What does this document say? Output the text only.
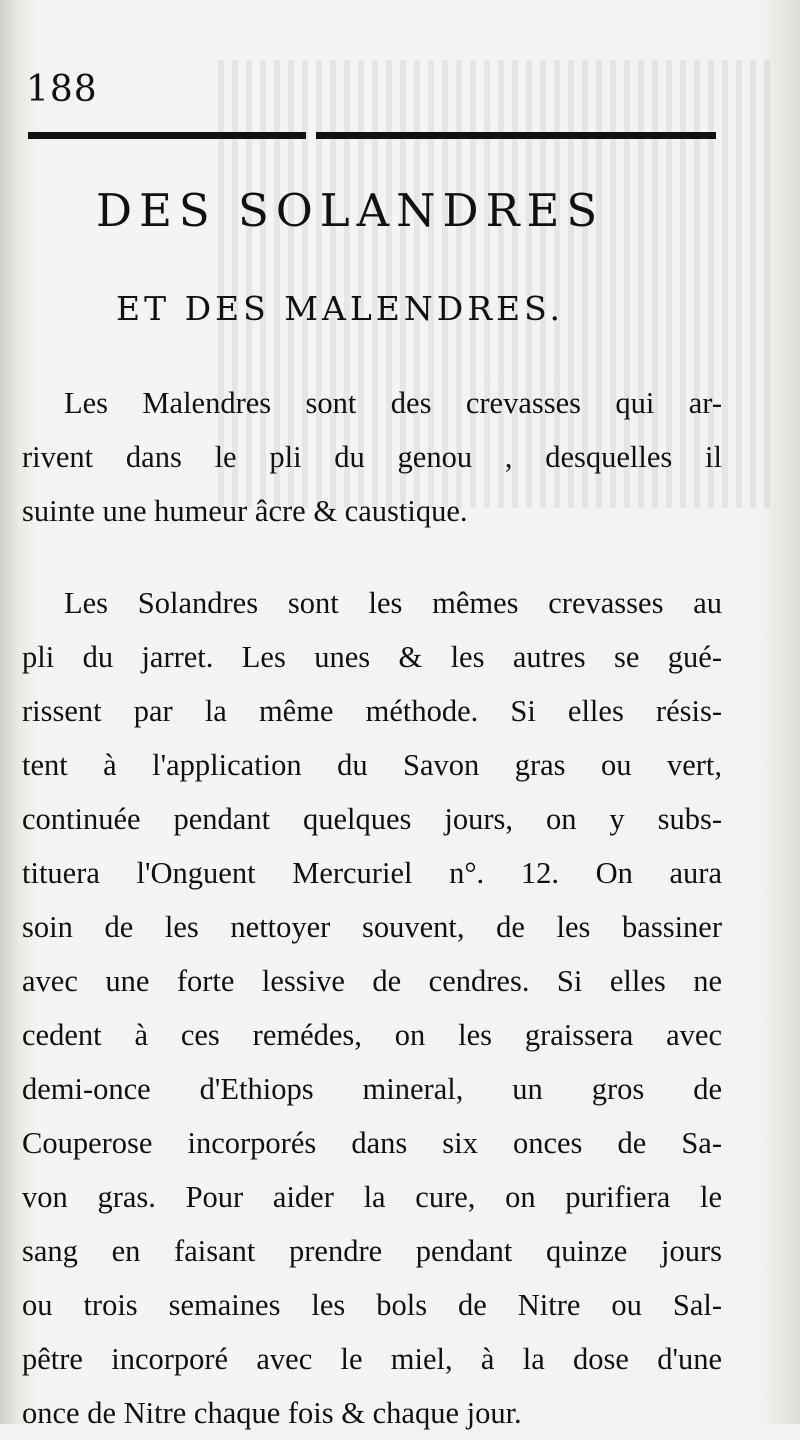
188
DES SOLANDRES
ET DES MALENDRES.
Les Malendres sont des crevasses qui ar-
rivent dans le pli du genou , desquelles il
suinte une humeur âcre & caustique.
Les Solandres sont les mêmes crevasses au
pli du jarret. Les unes & les autres se gué-
rissent par la même méthode. Si elles résis-
tent à l'application du Savon gras ou vert,
continuée pendant quelques jours, on y subs-
tituera l'Onguent Mercuriel n°. 12. On aura
soin de les nettoyer souvent, de les bassiner
avec une forte lessive de cendres. Si elles ne
cedent à ces remédes, on les graissera avec
demi-once d'Ethiops mineral, un gros de
Couperose incorporés dans six onces de Sa-
von gras. Pour aider la cure, on purifiera le
sang en faisant prendre pendant quinze jours
ou trois semaines les bols de Nitre ou Sal-
pêtre incorporé avec le miel, à la dose d'une
once de Nitre chaque fois & chaque jour.
